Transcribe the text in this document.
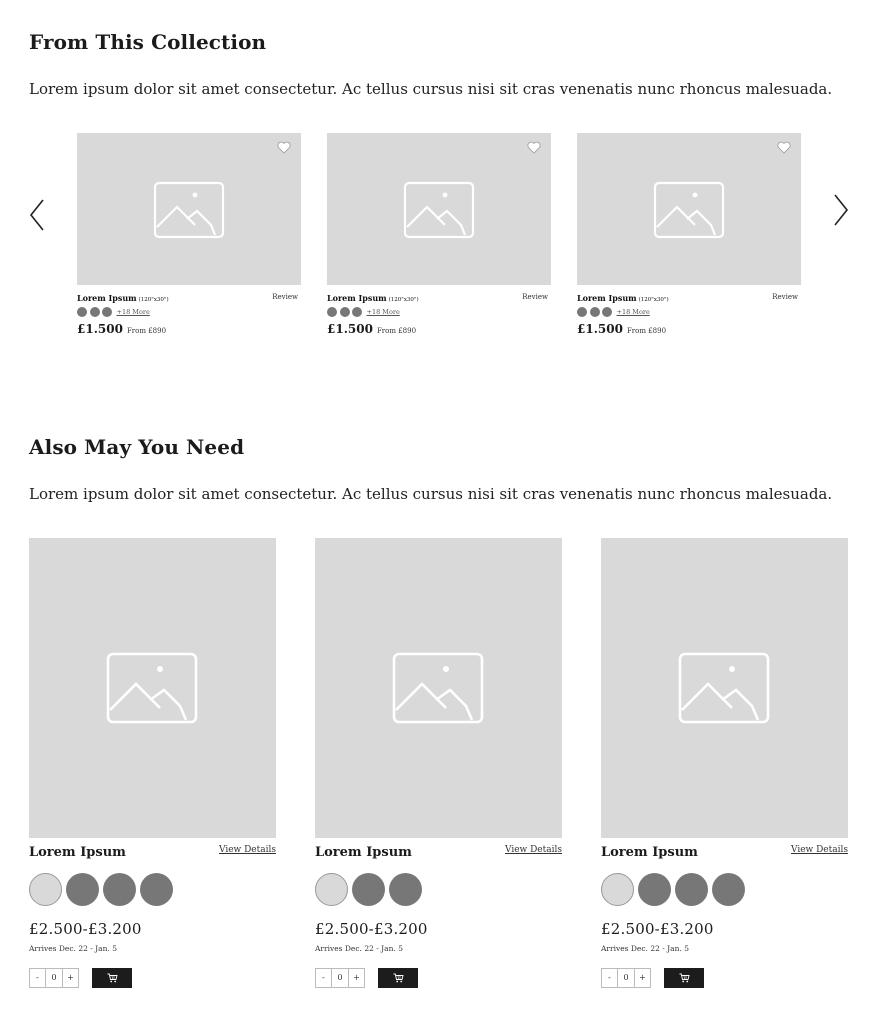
From This Collection

Lorem ipsum dolor sit amet consectetur. Ac tellus cursus nisi sit cras venenatis nunc rhoncus malesuada.

Lorem Ipsum (120"x30")	Review
+18 More
£1.500 From £890
Lorem Ipsum (120"x30")	Review
+18 More
£1.500 From £890
Lorem Ipsum (120"x30")	Review
+18 More
£1.500 From £890
Also May You Need

Lorem ipsum dolor sit amet consectetur. Ac tellus cursus nisi sit cras venenatis nunc rhoncus malesuada.

Lorem Ipsum	View Details
£2.500-£3.200
Arrives Dec. 22 - Jan. 5
-	0	+
Lorem Ipsum	View Details
£2.500-£3.200
Arrives Dec. 22 - Jan. 5
-	0	+
Lorem Ipsum	View Details
£2.500-£3.200
Arrives Dec. 22 - Jan. 5
-	0	+
